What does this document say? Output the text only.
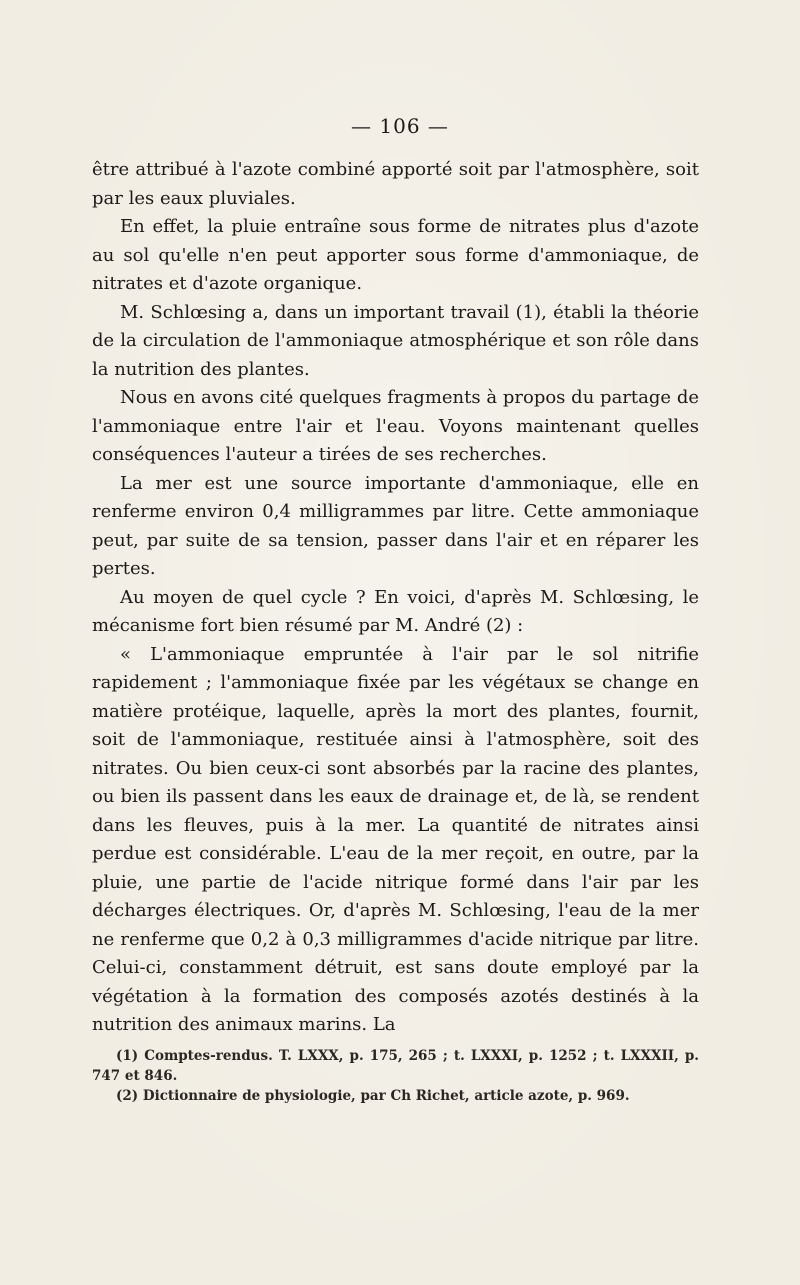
— 106 —

être attribué à l'azote combiné apporté soit par l'atmosphère, soit par les eaux pluviales.

En effet, la pluie entraîne sous forme de nitrates plus d'azote au sol qu'elle n'en peut apporter sous forme d'ammoniaque, de nitrates et d'azote organique.

M. Schlœsing a, dans un important travail (1), établi la théorie de la circulation de l'ammoniaque atmosphérique et son rôle dans la nutrition des plantes.

Nous en avons cité quelques fragments à propos du partage de l'ammoniaque entre l'air et l'eau. Voyons maintenant quelles conséquences l'auteur a tirées de ses recherches.

La mer est une source importante d'ammoniaque, elle en renferme environ 0,4 milligrammes par litre. Cette ammoniaque peut, par suite de sa tension, passer dans l'air et en réparer les pertes.

Au moyen de quel cycle ? En voici, d'après M. Schlœsing, le mécanisme fort bien résumé par M. André (2) :

« L'ammoniaque empruntée à l'air par le sol nitrifie rapidement ; l'ammoniaque fixée par les végétaux se change en matière protéique, laquelle, après la mort des plantes, fournit, soit de l'ammoniaque, restituée ainsi à l'atmosphère, soit des nitrates. Ou bien ceux-ci sont absorbés par la racine des plantes, ou bien ils passent dans les eaux de drainage et, de là, se rendent dans les fleuves, puis à la mer. La quantité de nitrates ainsi perdue est considérable. L'eau de la mer reçoit, en outre, par la pluie, une partie de l'acide nitrique formé dans l'air par les décharges électriques. Or, d'après M. Schlœsing, l'eau de la mer ne renferme que 0,2 à 0,3 milligrammes d'acide nitrique par litre. Celui-ci, constamment détruit, est sans doute employé par la végétation à la formation des composés azotés destinés à la nutrition des animaux marins. La

(1) Comptes-rendus. T. LXXX, p. 175, 265 ; t. LXXXI, p. 1252 ; t. LXXXII, p. 747 et 846.

(2) Dictionnaire de physiologie, par Ch Richet, article azote, p. 969.
